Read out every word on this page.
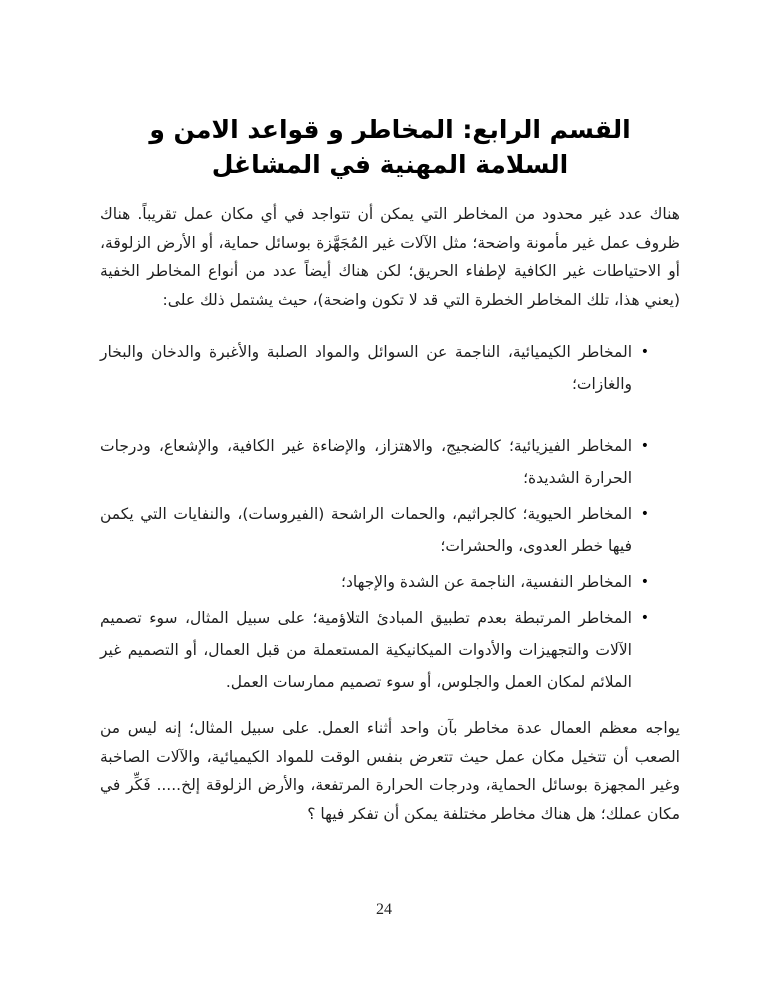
القسم الرابع: المخاطر و قواعد الامن و
السلامة المهنية في المشاغل

هناك عدد غير محدود من المخاطر التي يمكن أن تتواجد في أي مكان عمل تقريباً. هناك ظروف عمل غير مأمونة واضحة؛ مثل الآلات غير المُجَهَّزة بوسائل حماية، أو الأرض الزلوقة، أو الاحتياطات غير الكافية لإطفاء الحريق؛ لكن هناك أيضاً عدد من أنواع المخاطر الخفية (يعني هذا، تلك المخاطر الخطرة التي قد لا تكون واضحة)، حيث يشتمل ذلك على:

•
المخاطر الكيميائية، الناجمة عن السوائل والمواد الصلبة والأغبرة والدخان والبخار والغازات؛
•
المخاطر الفيزيائية؛ كالضجيج، والاهتزاز، والإضاءة غير الكافية، والإشعاع، ودرجات الحرارة الشديدة؛
•
المخاطر الحيوية؛ كالجراثيم، والحمات الراشحة (الفيروسات)، والنفايات التي يكمن فيها خطر العدوى، والحشرات؛
•
المخاطر النفسية، الناجمة عن الشدة والإجهاد؛
•
المخاطر المرتبطة بعدم تطبيق المبادئ التلاؤمية؛ على سبيل المثال، سوء تصميم الآلات والتجهيزات والأدوات الميكانيكية المستعملة من قبل العمال، أو التصميم غير الملائم لمكان العمل والجلوس، أو سوء تصميم ممارسات العمل.

يواجه معظم العمال عدة مخاطر بآن واحد أثناء العمل. على سبيل المثال؛ إنه ليس من الصعب أن تتخيل مكان عمل حيث تتعرض بنفس الوقت للمواد الكيميائية، والآلات الصاخبة وغير المجهزة بوسائل الحماية، ودرجات الحرارة المرتفعة، والأرض الزلوقة إلخ..... فَكِّر في مكان عملك؛ هل هناك مخاطر مختلفة يمكن أن تفكر فيها ؟

24
